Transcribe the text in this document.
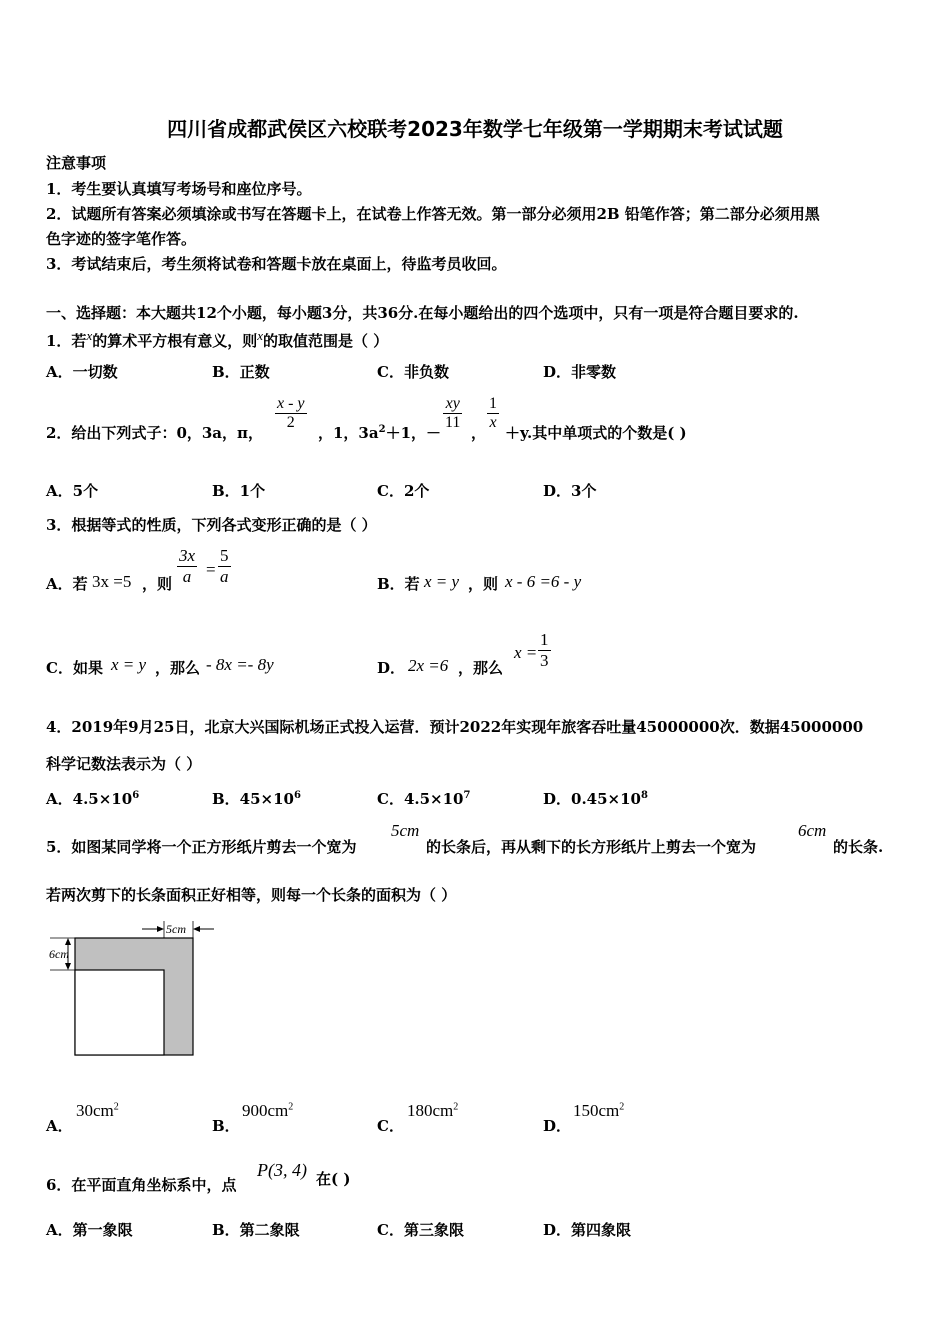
四川省成都武侯区六校联考2023年数学七年级第一学期期末考试试题
注意事项
1．考生要认真填写考场号和座位序号。
2．试题所有答案必须填涂或书写在答题卡上，在试卷上作答无效。第一部分必须用2B 铅笔作答；第二部分必须用黑
色字迹的签字笔作答。
3．考试结束后，考生须将试卷和答题卡放在桌面上，待监考员收回。
一、选择题：本大题共12个小题，每小题3分，共36分.在每小题给出的四个选项中，只有一项是符合题目要求的.
1．若x的算术平方根有意义，则x的取值范围是（ ）
A．一切数	B．正数	C．非负数	D．非零数
2．给出下列式子：0，3a，π，
x - y
2
，1，$3a^2+1$，－
xy
11
，
1
x
＋y.其中单项式的个数是( )
A．5个	B．1个	C．2个	D．3个
3．根据等式的性质，下列各式变形正确的是（ ）
A．若 3x =5 ，则
3x
a =
5
a	B．若 x = y ，则 x - 6 =6 - y
C．如果 x = y ，那么 - 8x =- 8y	D． 2x =6 ，那么
x =
1
3
4．2019年9月25日，北京大兴国际机场正式投入运营．预计2022年实现年旅客吞吐量45000000次．数据45000000
科学记数法表示为（ ）
A．$4.5\times 10^6$	B．$45\times 10^6$	C．$4.5\times 10^7$	D．$0.45\times 10^8$
5．如图某同学将一个正方形纸片剪去一个宽为
5cm
的长条后，再从剩下的长方形纸片上剪去一个宽为
6cm
的长条.
若两次剪下的长条面积正好相等，则每一个长条的面积为（ ）
5cm
6cm
A．
$30cm^2$
B．
$900cm^2$
C．
$180cm^2$
D．
$150cm^2$
6．在平面直角坐标系中，点
P(3, 4) 在( )
A．第一象限	B．第二象限	C．第三象限	D．第四象限
